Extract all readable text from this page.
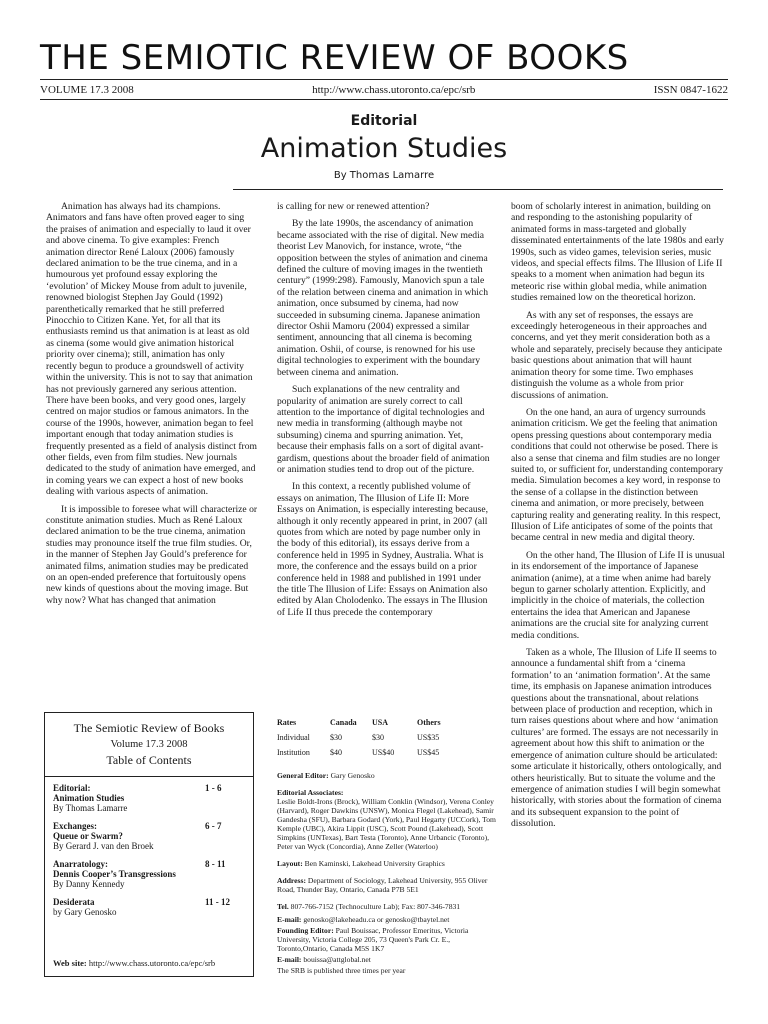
THE SEMIOTIC REVIEW OF BOOKS
VOLUME 17.3 2008	http://www.chass.utoronto.ca/epc/srb	ISSN 0847-1622
Editorial
Animation Studies
By Thomas Lamarre

Animation has always had its champions. Animators and fans have often proved eager to sing the praises of animation and especially to laud it over and above cinema. To give examples: French animation director René Laloux (2006) famously declared animation to be the true cinema, and in a humourous yet profound essay exploring the ‘evolution’ of Mickey Mouse from adult to juvenile, renowned biologist Stephen Jay Gould (1992) parenthetically remarked that he still preferred Pinocchio to Citizen Kane. Yet, for all that its enthusiasts remind us that animation is at least as old as cinema (some would give animation historical priority over cinema); still, animation has only recently begun to produce a groundswell of activity within the university. This is not to say that animation has not previously garnered any serious attention. There have been books, and very good ones, largely centred on major studios or famous animators. In the course of the 1990s, however, animation began to feel important enough that today animation studies is frequently presented as a field of analysis distinct from other fields, even from film studies. New journals dedicated to the study of animation have emerged, and in coming years we can expect a host of new books dealing with various aspects of animation.

It is impossible to foresee what will characterize or constitute animation studies. Much as René Laloux declared animation to be the true cinema, animation studies may pronounce itself the true film studies. Or, in the manner of Stephen Jay Gould’s preference for animated films, animation studies may be predicated on an open-ended preference that fortuitously opens new kinds of questions about the moving image. But why now? What has changed that animation

is calling for new or renewed attention?

By the late 1990s, the ascendancy of animation became associated with the rise of digital. New media theorist Lev Manovich, for instance, wrote, “the opposition between the styles of animation and cinema defined the culture of moving images in the twentieth century” (1999:298). Famously, Manovich spun a tale of the relation between cinema and animation in which animation, once subsumed by cinema, had now succeeded in subsuming cinema. Japanese animation director Oshii Mamoru (2004) expressed a similar sentiment, announcing that all cinema is becoming animation. Oshii, of course, is renowned for his use digital technologies to experiment with the boundary between cinema and animation.

Such explanations of the new centrality and popularity of animation are surely correct to call attention to the importance of digital technologies and new media in transforming (although maybe not subsuming) cinema and spurring animation. Yet, because their emphasis falls on a sort of digital avant-gardism, questions about the broader field of animation or animation studies tend to drop out of the picture.

In this context, a recently published volume of essays on animation, The Illusion of Life II: More Essays on Animation, is especially interesting because, although it only recently appeared in print, in 2007 (all quotes from which are noted by page number only in the body of this editorial), its essays derive from a conference held in 1995 in Sydney, Australia. What is more, the conference and the essays build on a prior conference held in 1988 and published in 1991 under the title The Illusion of Life: Essays on Animation also edited by Alan Cholodenko. The essays in The Illusion of Life II thus precede the contemporary

boom of scholarly interest in animation, building on and responding to the astonishing popularity of animated forms in mass-targeted and globally disseminated entertainments of the late 1980s and early 1990s, such as video games, television series, music videos, and special effects films. The Illusion of Life II speaks to a moment when animation had begun its meteoric rise within global media, while animation studies remained low on the theoretical horizon.

As with any set of responses, the essays are exceedingly heterogeneous in their approaches and concerns, and yet they merit consideration both as a whole and separately, precisely because they anticipate basic questions about animation that will haunt animation theory for some time. Two emphases distinguish the volume as a whole from prior discussions of animation.

On the one hand, an aura of urgency surrounds animation criticism. We get the feeling that animation opens pressing questions about contemporary media conditions that could not otherwise be posed. There is also a sense that cinema and film studies are no longer suited to, or sufficient for, understanding contemporary media. Simulation becomes a key word, in response to the sense of a collapse in the distinction between cinema and animation, or more precisely, between capturing reality and generating reality. In this respect, Illusion of Life anticipates of some of the points that became central in new media and digital theory.

On the other hand, The Illusion of Life II is unusual in its endorsement of the importance of Japanese animation (anime), at a time when anime had barely begun to garner scholarly attention. Explicitly, and implicitly in the choice of materials, the collection entertains the idea that American and Japanese animations are the crucial site for analyzing current media conditions.

Taken as a whole, The Illusion of Life II seems to announce a fundamental shift from a ‘cinema formation’ to an ‘animation formation’. At the same time, its emphasis on Japanese animation introduces questions about the transnational, about relations between place of production and reception, which in turn raises questions about where and how ‘animation cultures’ are formed. The essays are not necessarily in agreement about how this shift to animation or the emergence of animation culture should be articulated: some articulate it historically, others ontologically, and others heuristically. But to situate the volume and the emergence of animation studies I will begin somewhat historically, with stories about the formation of cinema and its subsequent expansion to the point of dissolution.

The Semiotic Review of Books
Volume 17.3 2008
Table of Contents
Editorial:	1 - 6
Animation Studies
By Thomas Lamarre
Exchanges:	6 - 7
Queue or Swarm?
By Gerard J. van den Broek
Anarratology:	8 - 11
Dennis Cooper’s Transgressions
By Danny Kennedy
Desiderata	11 - 12
by Gary Genosko
Web site: http://www.chass.utoronto.ca/epc/srb
Rates	Canada	USA	Others
Individual	$30	$30	US$35
Institution	$40	US$40	US$45
General Editor: Gary Genosko
Editorial Associates:
Leslie Boldt-Irons (Brock), William Conklin (Windsor), Verena Conley (Harvard), Roger Dawkins (UNSW), Monica Flegel (Lakehead), Samir Gandesha (SFU), Barbara Godard (York), Paul Hegarty (UCCork), Tom Kemple (UBC), Akira Lippit (USC), Scott Pound (Lakehead), Scott Simpkins (UNTexas), Bart Testa (Toronto), Anne Urbancic (Toronto), Peter van Wyck (Concordia), Anne Zeller (Waterloo)
Layout: Ben Kaminski, Lakehead University Graphics
Address: Department of Sociology, Lakehead University, 955 Oliver Road, Thunder Bay, Ontario, Canada P7B 5E1
Tel. 807-766-7152 (Technoculture Lab); Fax: 807-346-7831
E-mail: genosko@lakeheadu.ca or genosko@tbaytel.net
Founding Editor: Paul Bouissac, Professor Emeritus, Victoria University, Victoria College 205, 73 Queen's Park Cr. E., Toronto,Ontario, Canada M5S 1K7
E-mail: bouissa@attglobal.net
The SRB is published three times per year
